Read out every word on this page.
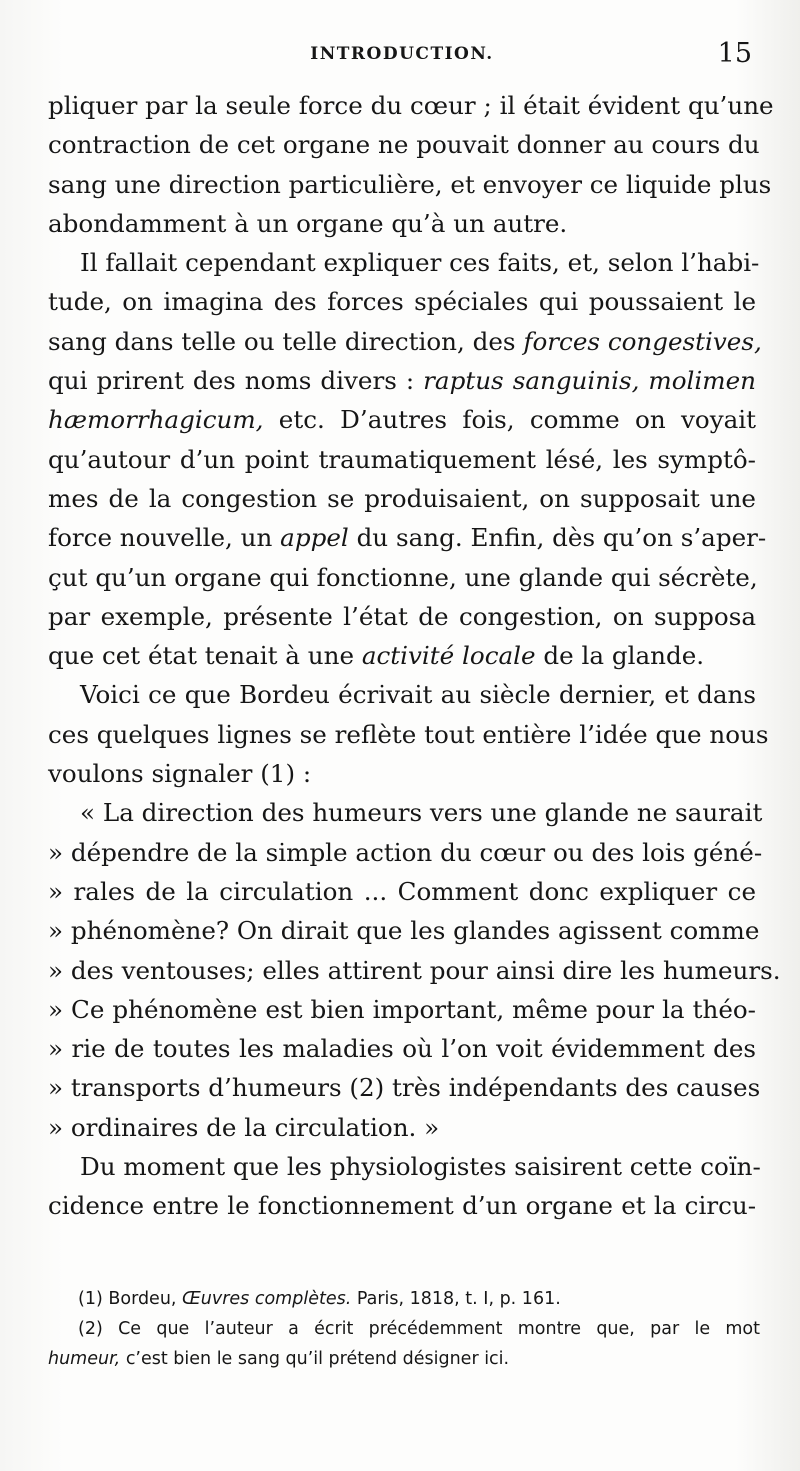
INTRODUCTION.	15
pliquer par la seule force du cœur ; il était évident qu’une
contraction de cet organe ne pouvait donner au cours du
sang une direction particulière, et envoyer ce liquide plus
abondamment à un organe qu’à un autre.
Il fallait cependant expliquer ces faits, et, selon l’habi-
tude, on imagina des forces spéciales qui poussaient le
sang dans telle ou telle direction, des forces congestives,
qui prirent des noms divers : raptus sanguinis, molimen
hæmorrhagicum, etc. D’autres fois, comme on voyait
qu’autour d’un point traumatiquement lésé, les symptô-
mes de la congestion se produisaient, on supposait une
force nouvelle, un appel du sang. Enfin, dès qu’on s’aper-
çut qu’un organe qui fonctionne, une glande qui sécrète,
par exemple, présente l’état de congestion, on supposa
que cet état tenait à une activité locale de la glande.
Voici ce que Bordeu écrivait au siècle dernier, et dans
ces quelques lignes se reflète tout entière l’idée que nous
voulons signaler (1) :
« La direction des humeurs vers une glande ne saurait
» dépendre de la simple action du cœur ou des lois géné-
» rales de la circulation ... Comment donc expliquer ce
» phénomène? On dirait que les glandes agissent comme
» des ventouses; elles attirent pour ainsi dire les humeurs.
» Ce phénomène est bien important, même pour la théo-
» rie de toutes les maladies où l’on voit évidemment des
» transports d’humeurs (2) très indépendants des causes
» ordinaires de la circulation. »
Du moment que les physiologistes saisirent cette coïn-
cidence entre le fonctionnement d’un organe et la circu-
(1) Bordeu, Œuvres complètes. Paris, 1818, t. I, p. 161.
(2) Ce que l’auteur a écrit précédemment montre que, par le mot
humeur, c’est bien le sang qu’il prétend désigner ici.
